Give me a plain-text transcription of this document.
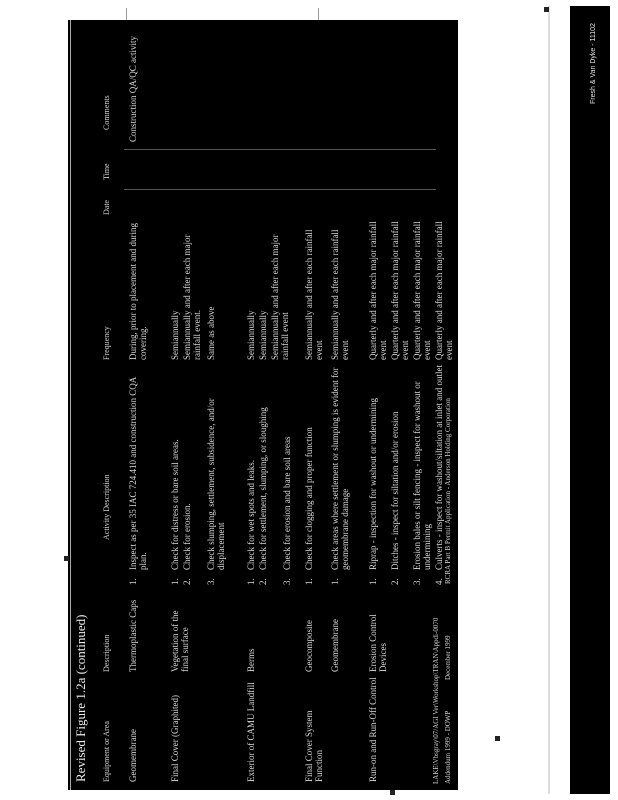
Revised Figure 1.2a (continued) Equipment or Area
Description
Activity Description
Frequency
Date
Time
Comments
Geomembrane
Thermoplastic Caps
1.
Inspect as per 35 IAC 724.410 and construction CQA plan.
During, prior to placement and during covering.
Construction QA/QC activity
Final Cover (Graphited)
Vegetation of the final surface
1.
Check for distress or bare soil areas.
2.
Check for erosion.
3.
Check slumping, settlement, subsidence, and/or displacement
Semiannually Semiannually and after each major rainfall event. Same as above
Exterior of CAMU Landfill
Berms
1.
Check for wet spots and leaks.
2.
Check for settlement, slumping, or sloughing
3.
Check for erosion and bare soil areas
Semiannually Semiannually Semiannually and after each major rainfall event
Final Cover System Function
Geocomposite
1.
Check for clogging and proper function
Semiannually and after each rainfall event
Geomembrane
1.
Check areas where settlement or slumping is evident for geomembrane damage
Semiannually and after each rainfall event
Run-on and Run-Off Control
Erosion Control Devices
1.
Riprap - inspection for washout or undermining
2.
Ditches - inspect for siltation and/or erosion
3.
Erosion bales or silt fencing - inspect for washout or undermining
4.
Culverts - inspect for washout/siltation at inlet and outlet
Quarterly and after each major rainfall event Quarterly and after each major rainfall event Quarterly and after each major rainfall event Quarterly and after each major rainfall event
LAKE\Vbsgray\07/AGI Ver\Workshop\TRAN\Appdi-0070
RCRA Part B Permit Application - Anderson Holding Corporation
Addendum 1999 - DOWP
December 1999
Fresh & Van Dyke - 11102
